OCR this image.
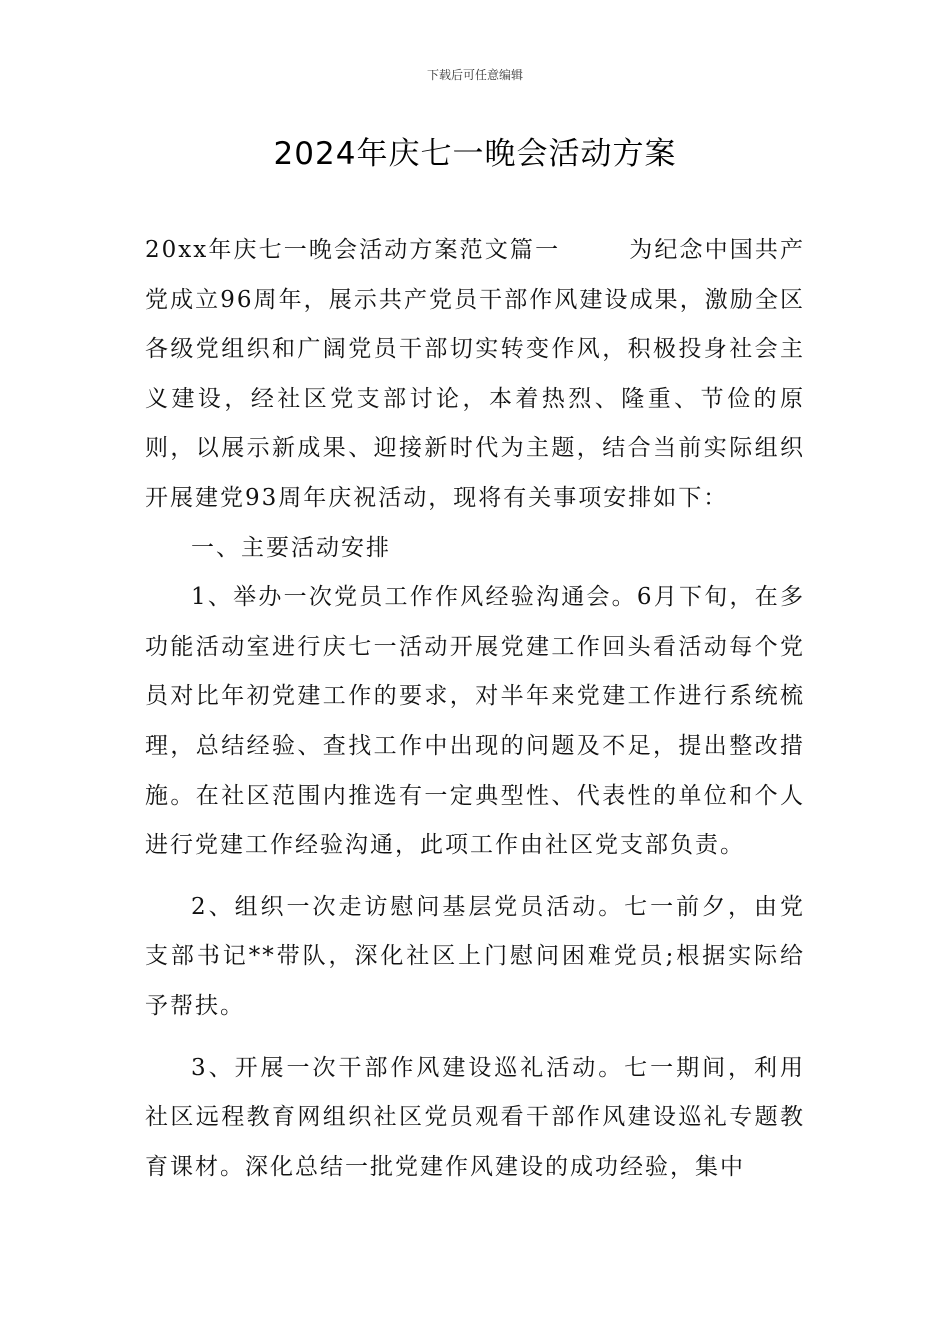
下载后可任意编辑
2024年庆七一晚会活动方案

20xx年庆七一晚会活动方案范文篇一	为纪念中国共产党成立96周年，展示共产党员干部作风建设成果，激励全区各级党组织和广阔党员干部切实转变作风，积极投身社会主义建设，经社区党支部讨论，本着热烈、隆重、节俭的原则，以展示新成果、迎接新时代为主题，结合当前实际组织开展建党93周年庆祝活动，现将有关事项安排如下：

一、主要活动安排

1、举办一次党员工作作风经验沟通会。6月下旬，在多功能活动室进行庆七一活动开展党建工作回头看活动每个党员对比年初党建工作的要求，对半年来党建工作进行系统梳理，总结经验、查找工作中出现的问题及不足，提出整改措施。在社区范围内推选有一定典型性、代表性的单位和个人进行党建工作经验沟通，此项工作由社区党支部负责。

2、组织一次走访慰问基层党员活动。七一前夕，由党支部书记**带队，深化社区上门慰问困难党员;根据实际给予帮扶。

3、开展一次干部作风建设巡礼活动。七一期间，利用社区远程教育网组织社区党员观看干部作风建设巡礼专题教育课材。深化总结一批党建作风建设的成功经验，集中
